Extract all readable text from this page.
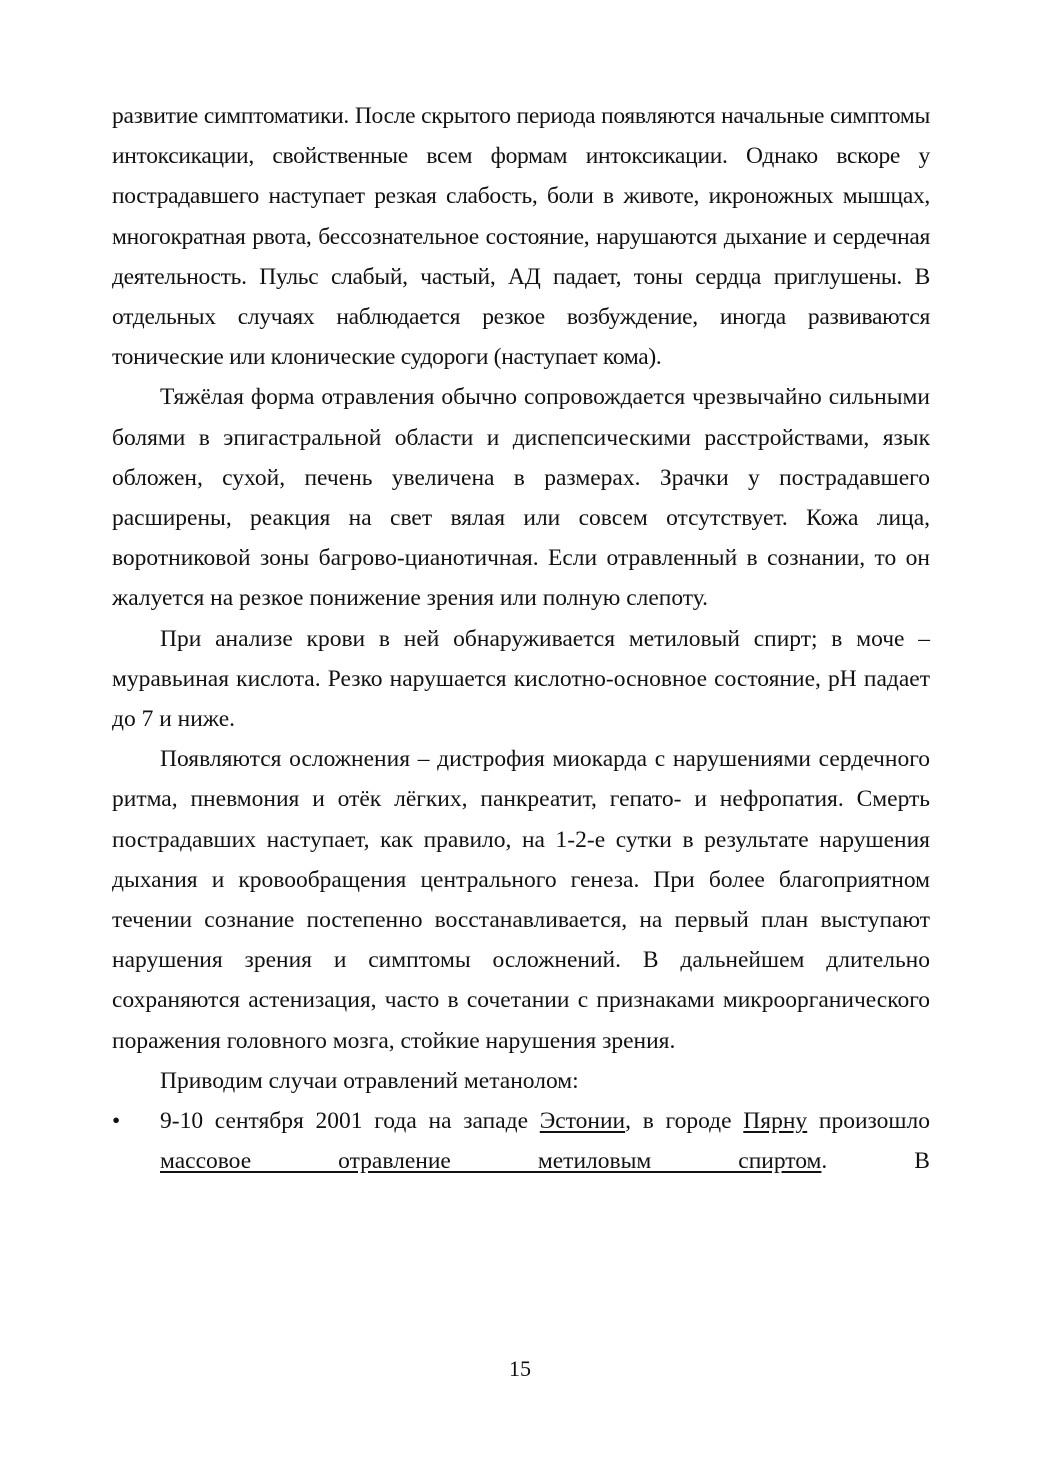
развитие симптоматики. После скрытого периода появляются начальные симптомы интоксикации, свойственные всем формам интоксикации. Однако вскоре у пострадавшего наступает резкая слабость, боли в животе, икроножных мышцах, многократная рвота, бессознательное состояние, нарушаются дыхание и сердечная деятельность. Пульс слабый, частый, АД падает, тоны сердца приглушены. В отдельных случаях наблюдается резкое возбуждение, иногда развиваются тонические или клонические судороги (наступает кома).

Тяжёлая форма отравления обычно сопровождается чрезвычайно сильными болями в эпигастральной области и диспепсическими расстройствами, язык обложен, сухой, печень увеличена в размерах. Зрачки у пострадавшего расширены, реакция на свет вялая или совсем отсутствует. Кожа лица, воротниковой зоны багрово-цианотичная. Если отравленный в сознании, то он жалуется на резкое понижение зрения или полную слепоту.

При анализе крови в ней обнаруживается метиловый спирт; в моче – муравьиная кислота. Резко нарушается кислотно-основное состояние, pH падает до 7 и ниже.

Появляются осложнения – дистрофия миокарда с нарушениями сердечного ритма, пневмония и отёк лёгких, панкреатит, гепато- и нефропатия. Смерть пострадавших наступает, как правило, на 1-2-е сутки в результате нарушения дыхания и кровообращения центрального генеза. При более благоприятном течении сознание постепенно восстанавливается, на первый план выступают нарушения зрения и симптомы осложнений. В дальнейшем длительно сохраняются астенизация, часто в сочетании с признаками микроорганического поражения головного мозга, стойкие нарушения зрения.

Приводим случаи отравлений метанолом:

•	9-10 сентября 2001 года на западе Эстонии, в городе Пярну произошло массовое отравление метиловым спиртом. В
15
